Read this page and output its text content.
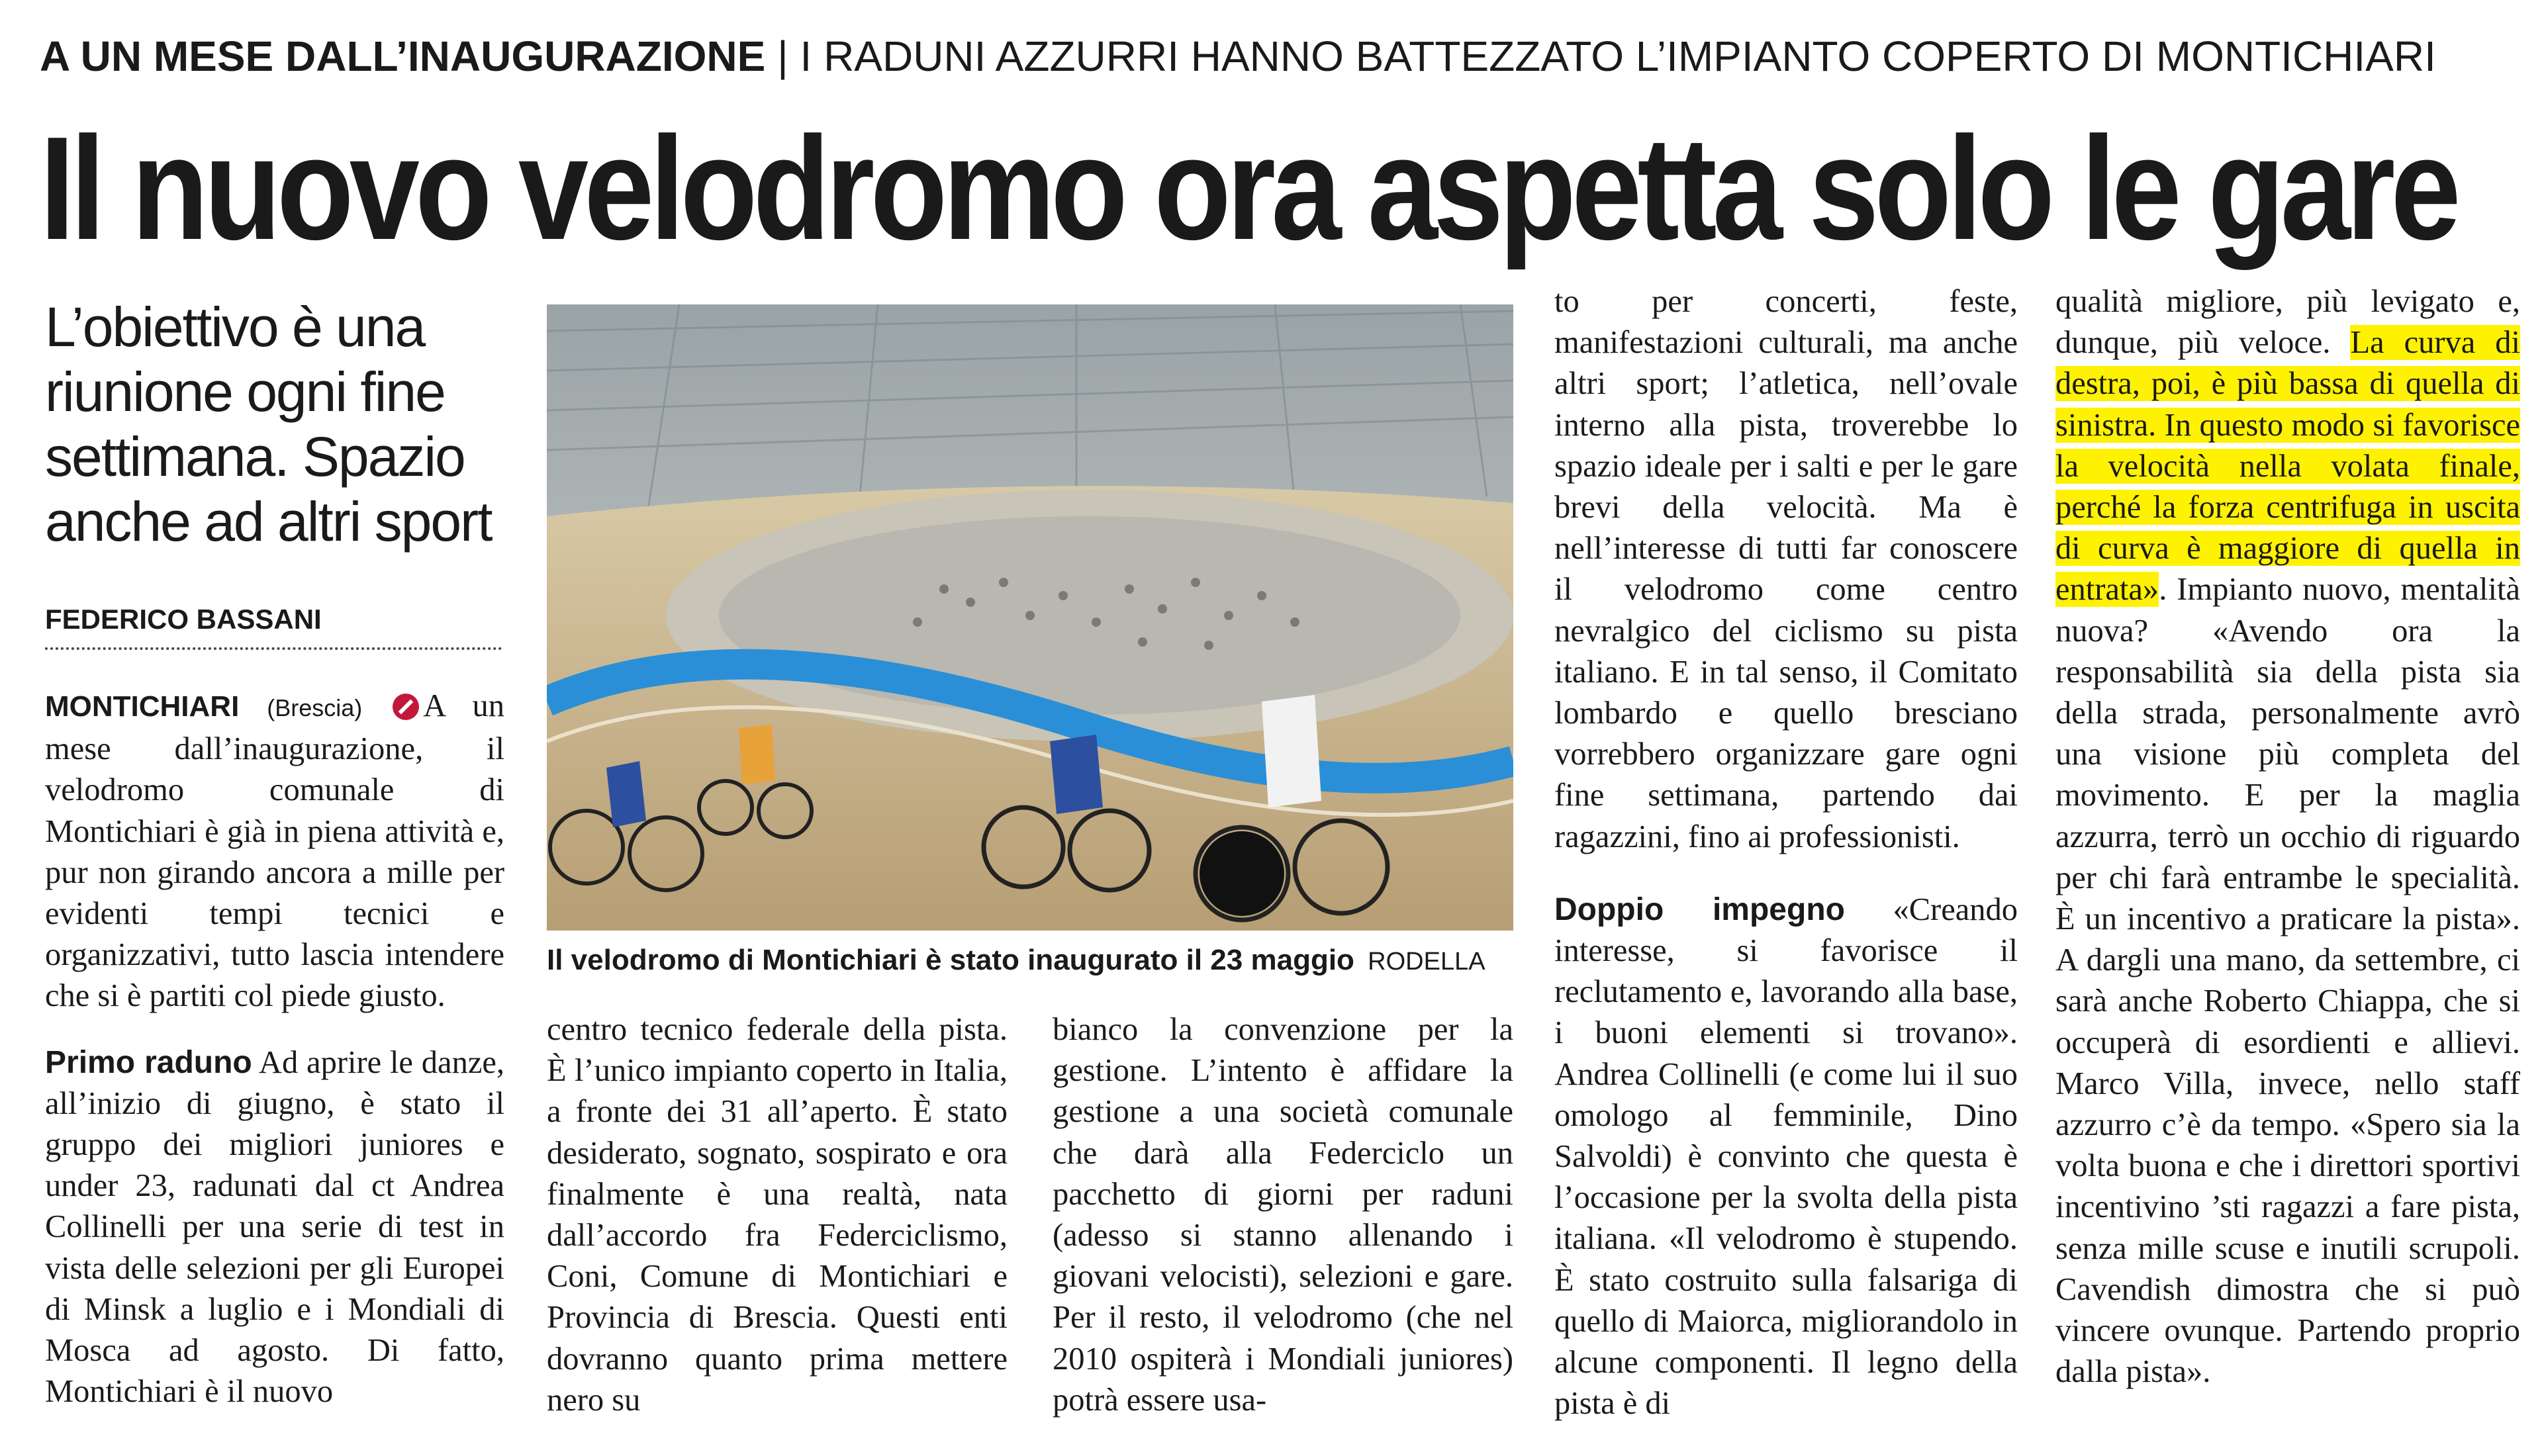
A UN MESE DALL’INAUGURAZIONE | I RADUNI AZZURRI HANNO BATTEZZATO L’IMPIANTO COPERTO DI MONTICHIARI
Il nuovo velodromo ora aspetta solo le gare
L’obiettivo è una riunione ogni fine settimana. Spazio anche ad altri sport
FEDERICO BASSANI

MONTICHIARI (Brescia) A un mese dall’inaugurazione, il velodromo comunale di Montichiari è già in piena attività e, pur non girando ancora a mille per evidenti tempi tecnici e organizzativi, tutto lascia intendere che si è partiti col piede giusto.

Primo raduno Ad aprire le danze, all’inizio di giugno, è stato il gruppo dei migliori juniores e under 23, radunati dal ct Andrea Collinelli per una serie di test in vista delle selezioni per gli Europei di Minsk a luglio e i Mondiali di Mosca ad agosto. Di fatto, Montichiari è il nuovo

Il velodromo di Montichiari è stato inaugurato il 23 maggio RODELLA

centro tecnico federale della pista. È l’unico impianto coperto in Italia, a fronte dei 31 all’aperto. È stato desiderato, sognato, sospirato e ora finalmente è una realtà, nata dall’accordo fra Federciclismo, Coni, Comune di Montichiari e Provincia di Brescia. Questi enti dovranno quanto prima mettere nero su

bianco la convenzione per la gestione. L’intento è affidare la gestione a una società comunale che darà alla Federciclo un pacchetto di giorni per raduni (adesso si stanno allenando i giovani velocisti), selezioni e gare. Per il resto, il velodromo (che nel 2010 ospiterà i Mondiali juniores) potrà essere usa-

to per concerti, feste, manifestazioni culturali, ma anche altri sport; l’atletica, nell’ovale interno alla pista, troverebbe lo spazio ideale per i salti e per le gare brevi della velocità. Ma è nell’interesse di tutti far conoscere il velodromo come centro nevralgico del ciclismo su pista italiano. E in tal senso, il Comitato lombardo e quello bresciano vorrebbero organizzare gare ogni fine settimana, partendo dai ragazzini, fino ai professionisti.

Doppio impegno «Creando interesse, si favorisce il reclutamento e, lavorando alla base, i buoni elementi si trovano». Andrea Collinelli (e come lui il suo omologo al femminile, Dino Salvoldi) è convinto che questa è l’occasione per la svolta della pista italiana. «Il velodromo è stupendo. È stato costruito sulla falsariga di quello di Maiorca, migliorandolo in alcune componenti. Il legno della pista è di

qualità migliore, più levigato e, dunque, più veloce. La curva di destra, poi, è più bassa di quella di sinistra. In questo modo si favorisce la velocità nella volata finale, perché la forza centrifuga in uscita di curva è maggiore di quella in entrata». Impianto nuovo, mentalità nuova? «Avendo ora la responsabilità sia della pista sia della strada, personalmente avrò una visione più completa del movimento. E per la maglia azzurra, terrò un occhio di riguardo per chi farà entrambe le specialità. È un incentivo a praticare la pista». A dargli una mano, da settembre, ci sarà anche Roberto Chiappa, che si occuperà di esordienti e allievi. Marco Villa, invece, nello staff azzurro c’è da tempo. «Spero sia la volta buona e che i direttori sportivi incentivino ’sti ragazzi a fare pista, senza mille scuse e inutili scrupoli. Cavendish dimostra che si può vincere ovunque. Partendo proprio dalla pista».
